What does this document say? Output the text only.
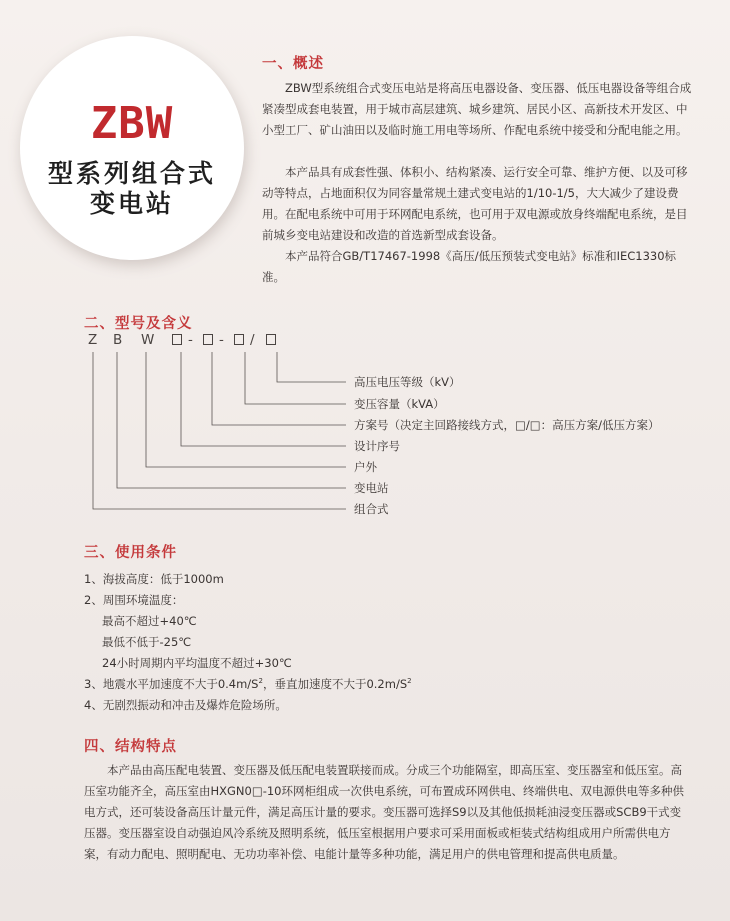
ZBW
型系列组合式
变电站
一、概述

ZBW型系统组合式变压电站是将高压电器设备、变压器、低压电器设备等组合成紧凑型成套电装置，用于城市高层建筑、城乡建筑、居民小区、高新技术开发区、中小型工厂、矿山油田以及临时施工用电等场所、作配电系统中接受和分配电能之用。

本产品具有成套性强、体积小、结构紧凑、运行安全可靠、维护方便、以及可移动等特点，占地面积仅为同容量常规土建式变电站的1/10-1/5，大大减少了建设费用。在配电系统中可用于环网配电系统，也可用于双电源或放身终端配电系统，是目前城乡变电站建设和改造的首选新型成套设备。

本产品符合GB/T17467-1998《高压/低压预装式变电站》标准和IEC1330标准。

二、型号及含义
Z B W - - /
高压电压等级（kV）
变压容量（kVA）
方案号（决定主回路接线方式，□/□：高压方案/低压方案）
设计序号
户外
变电站
组合式
三、使用条件
1、海拔高度：低于1000m
2、周围环境温度：
最高不超过+40℃
最低不低于-25℃
24小时周期内平均温度不超过+30℃
3、地震水平加速度不大于$0.4m/S^2$，垂直加速度不大于$0.2m/S^2$
4、无剧烈振动和冲击及爆炸危险场所。
四、结构特点

本产品由高压配电装置、变压器及低压配电装置联接而成。分成三个功能隔室，即高压室、变压器室和低压室。高压室功能齐全，高压室由HXGN0□-10环网柜组成一次供电系统，可布置成环网供电、终端供电、双电源供电等多种供电方式，还可装设备高压计量元件，满足高压计量的要求。变压器可选择S9以及其他低损耗油浸变压器或SCB9干式变压器。变压器室设自动强迫风冷系统及照明系统，低压室根据用户要求可采用面板或柜装式结构组成用户所需供电方案，有动力配电、照明配电、无功功率补偿、电能计量等多种功能，满足用户的供电管理和提高供电质量。
